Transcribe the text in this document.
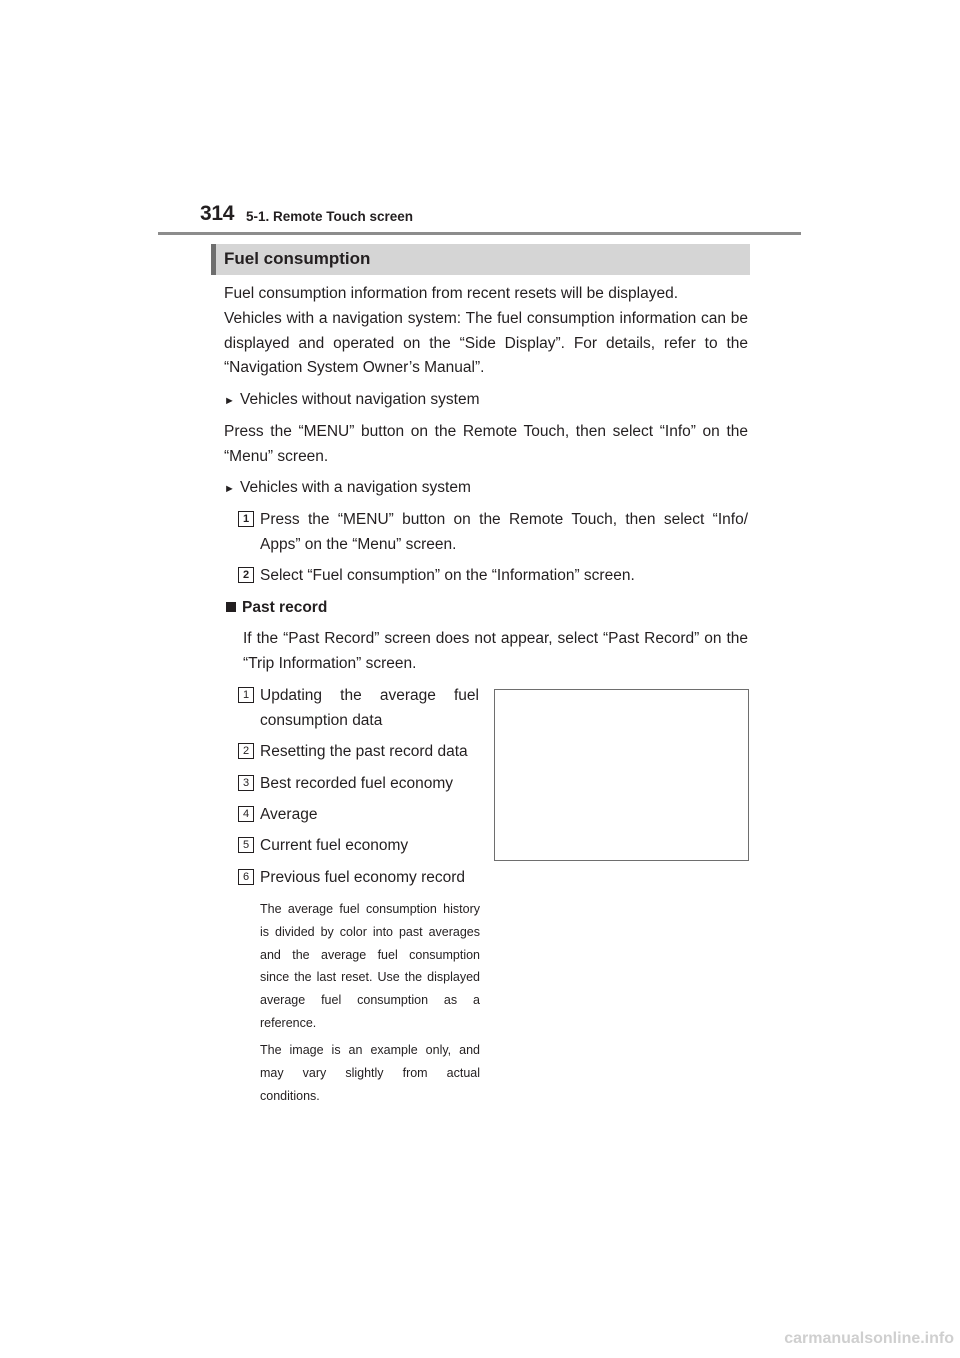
314 5-1. Remote Touch screen
Fuel consumption
Fuel consumption information from recent resets will be displayed.
Vehicles with a navigation system: The fuel consumption information can be displayed and operated on the “Side Display”. For details, refer to the “Navigation System Owner’s Manual”.
► Vehicles without navigation system
Press the “MENU” button on the Remote Touch, then select “Info” on the “Menu” screen.
► Vehicles with a navigation system
1 Press the “MENU” button on the Remote Touch, then select “Info/ Apps” on the “Menu” screen.
2 Select “Fuel consumption” on the “Information” screen.
Past record
If the “Past Record” screen does not appear, select “Past Record” on the “Trip Information” screen.
1 Updating the average fuel consumption data
2 Resetting the past record data
3 Best recorded fuel economy
4 Average
5 Current fuel economy
6 Previous fuel economy record
The average fuel consumption history is divided by color into past averages and the average fuel consumption since the last reset. Use the displayed average fuel consumption as a reference.
The image is an example only, and may vary slightly from actual conditions.
carmanualsonline.info
